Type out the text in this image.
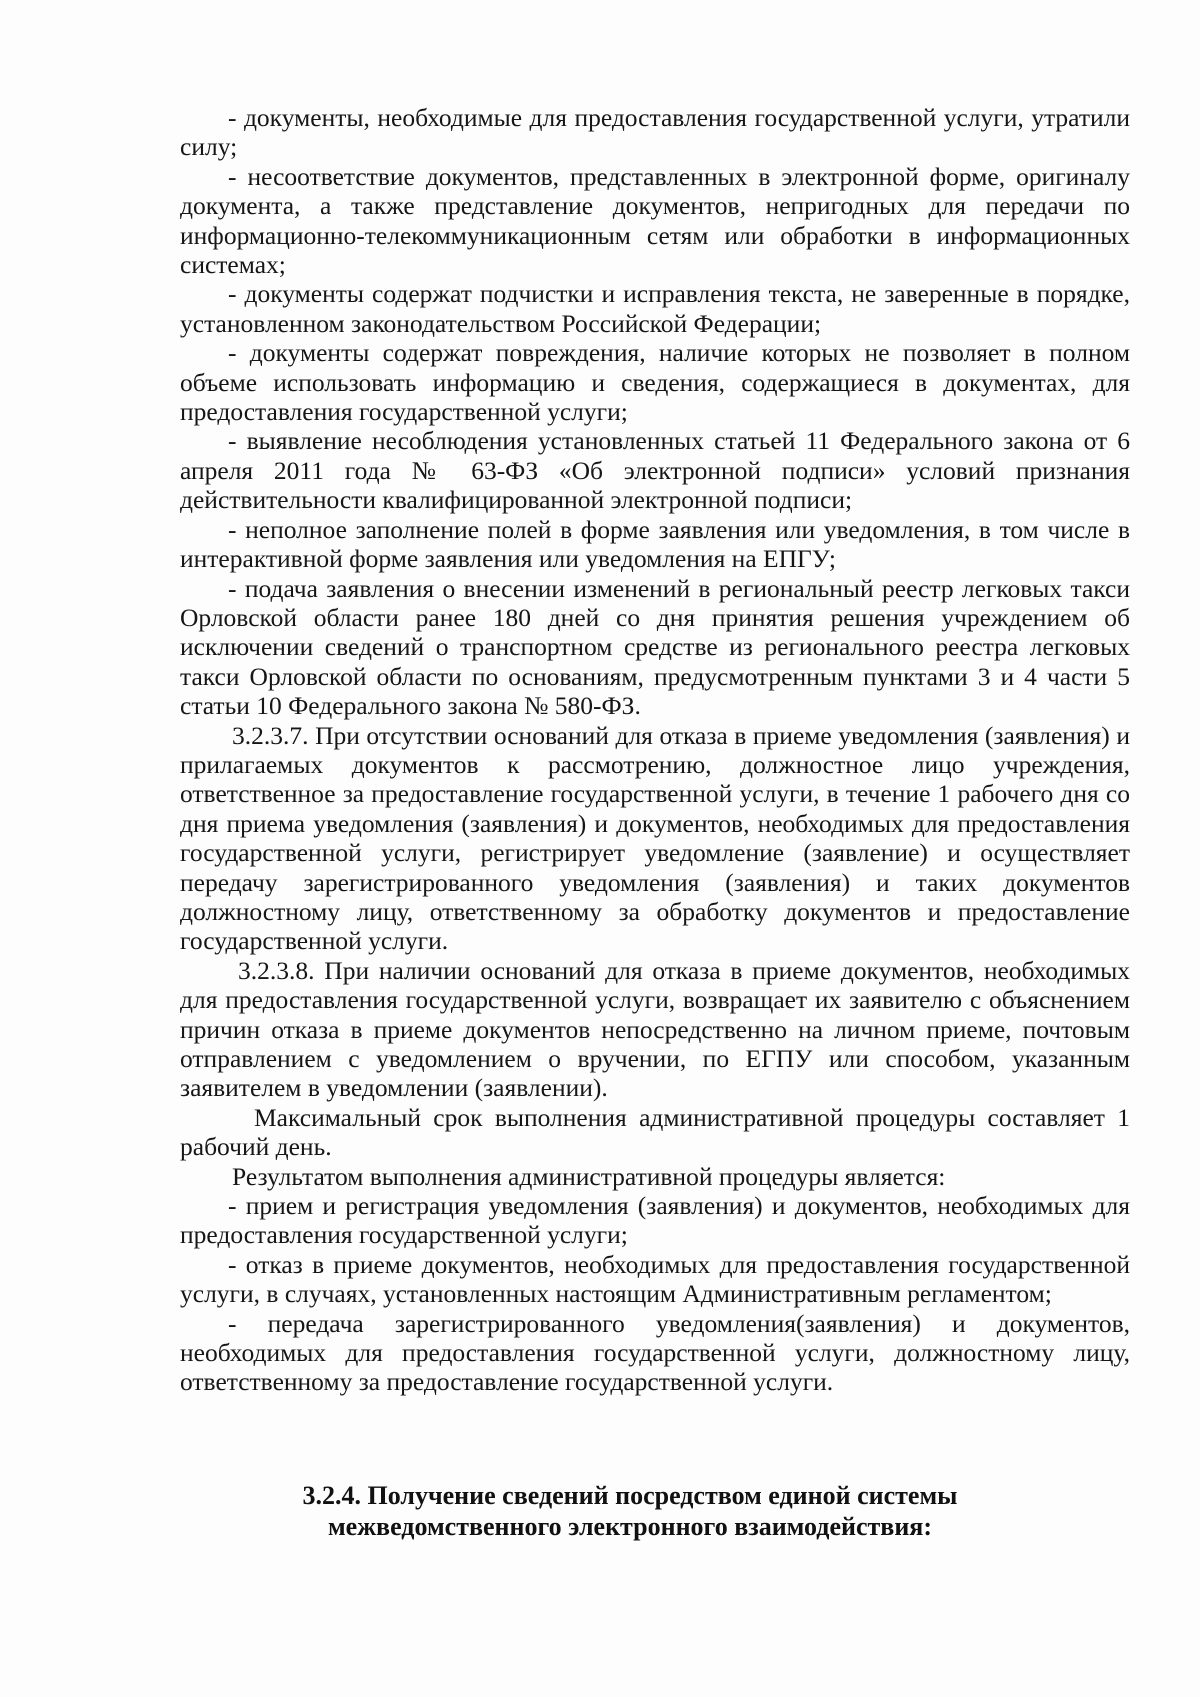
- документы, необходимые для предоставления государственной услуги, утратили силу;

- несоответствие документов, представленных в электронной форме, оригиналу документа, а также представление документов, непригодных для передачи по информационно-телекоммуникационным сетям или обработки в информационных системах;

- документы содержат подчистки и исправления текста, не заверенные в порядке, установленном законодательством Российской Федерации;

- документы содержат повреждения, наличие которых не позволяет в полном объеме использовать информацию и сведения, содержащиеся в документах, для предоставления государственной услуги;

- выявление несоблюдения установленных статьей 11 Федерального закона от 6 апреля 2011 года № 63-ФЗ «Об электронной подписи» условий признания действительности квалифицированной электронной подписи;

- неполное заполнение полей в форме заявления или уведомления, в том числе в интерактивной форме заявления или уведомления на ЕПГУ;

- подача заявления о внесении изменений в региональный реестр легковых такси Орловской области ранее 180 дней со дня принятия решения учреждением об исключении сведений о транспортном средстве из регионального реестра легковых такси Орловской области по основаниям, предусмотренным пунктами 3 и 4 части 5 статьи 10 Федерального закона № 580-ФЗ.

3.2.3.7. При отсутствии оснований для отказа в приеме уведомления (заявления) и прилагаемых документов к рассмотрению, должностное лицо учреждения, ответственное за предоставление государственной услуги, в течение 1 рабочего дня со дня приема уведомления (заявления) и документов, необходимых для предоставления государственной услуги, регистрирует уведомление (заявление) и осуществляет передачу зарегистрированного уведомления (заявления) и таких документов должностному лицу, ответственному за обработку документов и предоставление государственной услуги.

3.2.3.8. При наличии оснований для отказа в приеме документов, необходимых для предоставления государственной услуги, возвращает их заявителю с объяснением причин отказа в приеме документов непосредственно на личном приеме, почтовым отправлением с уведомлением о вручении, по ЕГПУ или способом, указанным заявителем в уведомлении (заявлении).

Максимальный срок выполнения административной процедуры составляет 1 рабочий день.

Результатом выполнения административной процедуры является:

- прием и регистрация уведомления (заявления) и документов, необходимых для предоставления государственной услуги;

- отказ в приеме документов, необходимых для предоставления государственной услуги, в случаях, установленных настоящим Административным регламентом;

- передача зарегистрированного уведомления(заявления) и документов, необходимых для предоставления государственной услуги, должностному лицу, ответственному за предоставление государственной услуги.

3.2.4. Получение сведений посредством единой системы
межведомственного электронного взаимодействия:
